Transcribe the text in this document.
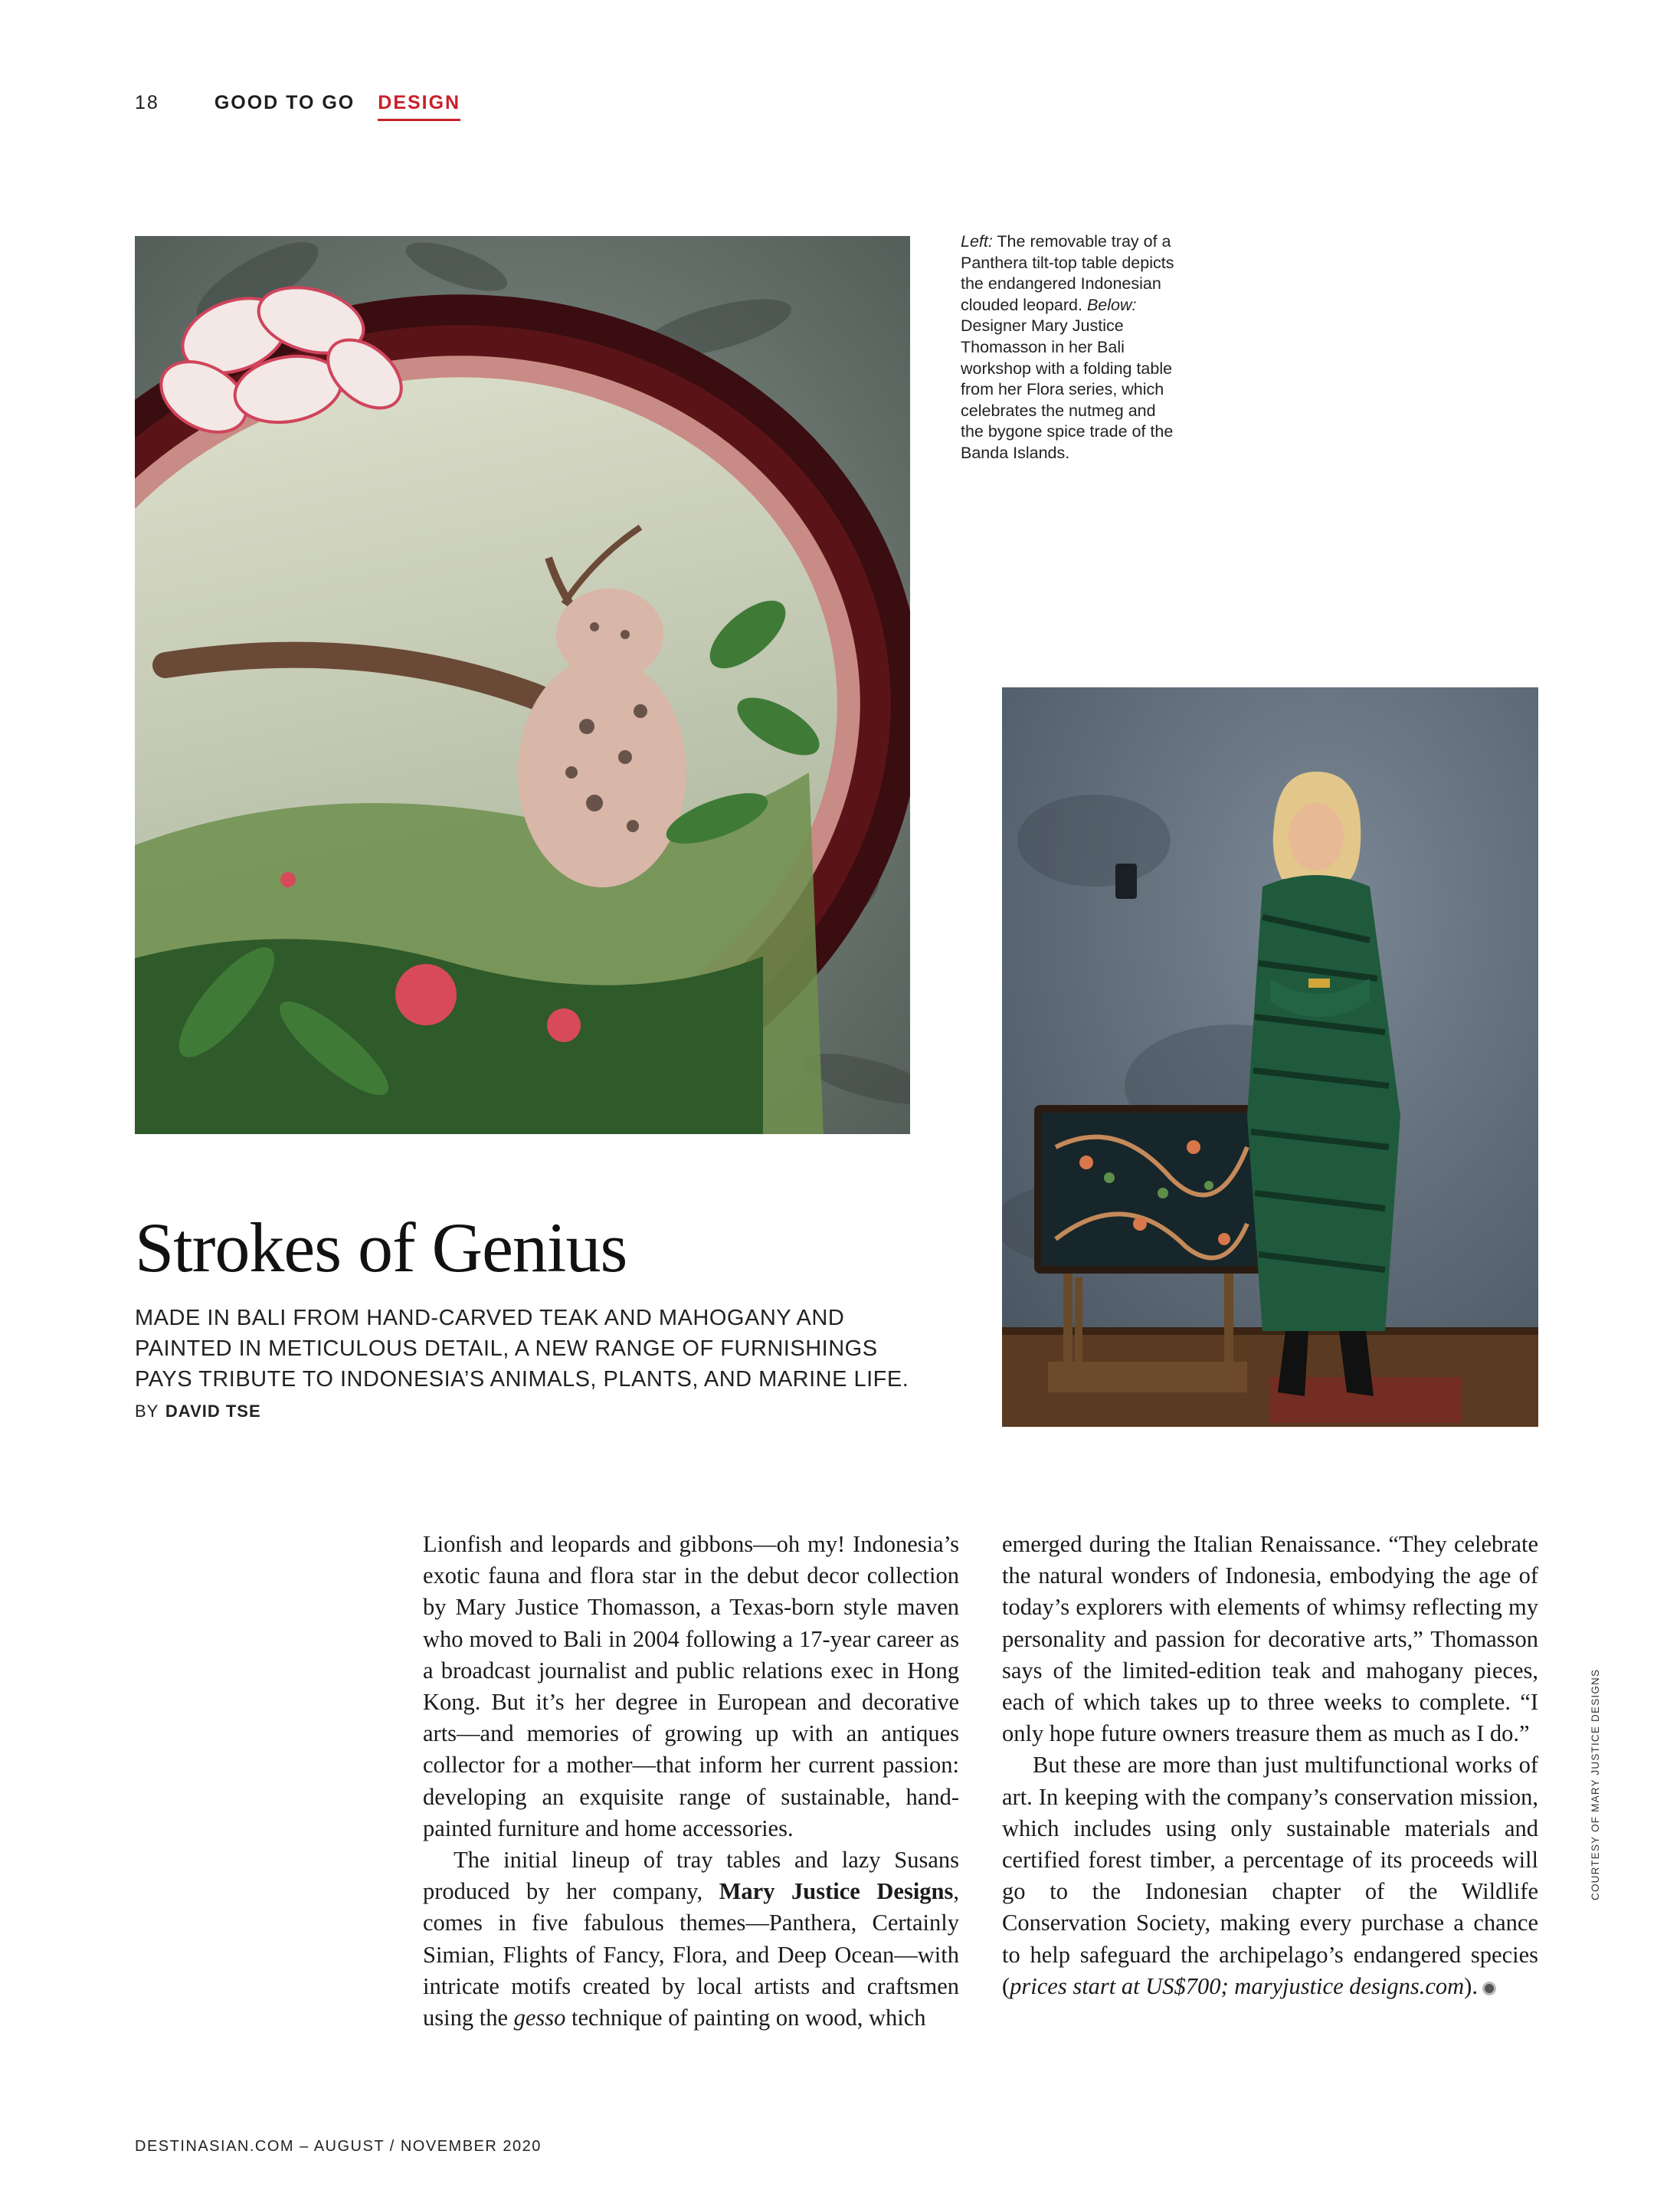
18	GOOD TO GO DESIGN
Left: The removable tray of a Panthera tilt-top table depicts the endangered Indonesian clouded leopard. Below: Designer Mary Justice Thomasson in her Bali workshop with a folding table from her Flora series, which celebrates the nutmeg and the bygone spice trade of the Banda Islands.
Strokes of Genius

MADE IN BALI FROM HAND-CARVED TEAK AND MAHOGANY AND PAINTED IN METICULOUS DETAIL, A NEW RANGE OF FURNISHINGS PAYS TRIBUTE TO INDONESIA’S ANIMALS, PLANTS, AND MARINE LIFE. BY DAVID TSE

Lionfish and leopards and gibbons—oh my! Indonesia’s exotic fauna and flora star in the debut decor collection by Mary Justice Thomasson, a Texas-born style maven who moved to Bali in 2004 following a 17-year career as a broadcast journalist and public relations exec in Hong Kong. But it’s her degree in European and decorative arts—and memories of growing up with an antiques collector for a mother—that inform her current passion: developing an exquisite range of sustainable, hand-painted furniture and home accessories.

The initial lineup of tray tables and lazy Susans produced by her company, Mary Justice Designs, comes in five fabulous themes—Panthera, Certainly Simian, Flights of Fancy, Flora, and Deep Ocean—with intricate motifs created by local artists and craftsmen using the gesso technique of painting on wood, which

emerged during the Italian Renaissance. “They celebrate the natural wonders of Indonesia, embodying the age of today’s explorers with elements of whimsy reflecting my personality and passion for decorative arts,” Thomasson says of the limited-edition teak and mahogany pieces, each of which takes up to three weeks to complete. “I only hope future owners treasure them as much as I do.”

But these are more than just multifunctional works of art. In keeping with the company’s conservation mission, which includes using only sustainable materials and certified forest timber, a percentage of its proceeds will go to the Indonesian chapter of the Wildlife Conservation Society, making every purchase a chance to help safeguard the archipelago’s endangered species (prices start at US$700; maryjustice designs.com).

COURTESY OF MARY JUSTICE DESIGNS
DESTINASIAN.COM – AUGUST / NOVEMBER 2020
